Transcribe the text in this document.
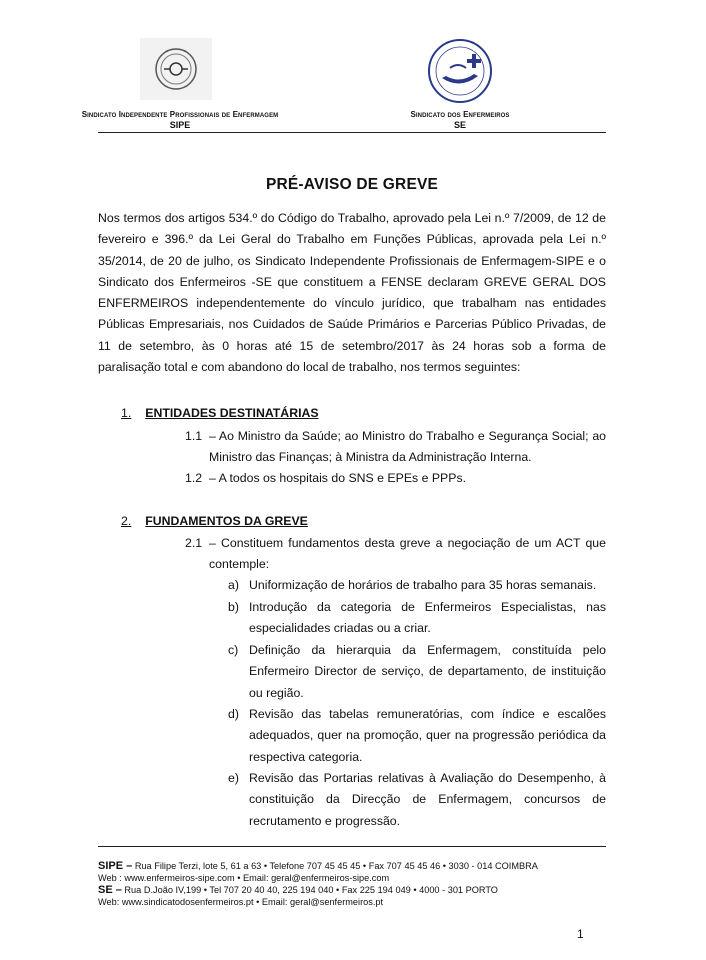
Sindicato Independente Profissionais de Enfermagem
SIPE
Sindicato dos Enfermeiros
SE
PRÉ-AVISO DE GREVE
Nos termos dos artigos 534.º do Código do Trabalho, aprovado pela Lei n.º 7/2009, de 12 de fevereiro e 396.º da Lei Geral do Trabalho em Funções Públicas, aprovada pela Lei n.º 35/2014, de 20 de julho, os Sindicato Independente Profissionais de Enfermagem-SIPE e o Sindicato dos Enfermeiros -SE que constituem a FENSE declaram GREVE GERAL DOS ENFERMEIROS independentemente do vínculo jurídico, que trabalham nas entidades Públicas Empresariais, nos Cuidados de Saúde Primários e Parcerias Público Privadas, de 11 de setembro, às 0 horas até 15 de setembro/2017 às 24 horas sob a forma de paralisação total e com abandono do local de trabalho, nos termos seguintes:
1. ENTIDADES DESTINATÁRIAS
1.1 – Ao Ministro da Saúde; ao Ministro do Trabalho e Segurança Social; ao Ministro das Finanças; à Ministra da Administração Interna.
1.2 – A todos os hospitais do SNS e EPEs e PPPs.
2. FUNDAMENTOS DA GREVE
2.1 – Constituem fundamentos desta greve a negociação de um ACT que contemple:
a) Uniformização de horários de trabalho para 35 horas semanais.
b) Introdução da categoria de Enfermeiros Especialistas, nas especialidades criadas ou a criar.
c) Definição da hierarquia da Enfermagem, constituída pelo Enfermeiro Director de serviço, de departamento, de instituição ou região.
d) Revisão das tabelas remuneratórias, com índice e escalões adequados, quer na promoção, quer na progressão periódica da respectiva categoria.
e) Revisão das Portarias relativas à Avaliação do Desempenho, à constituição da Direcção de Enfermagem, concursos de recrutamento e progressão.
SIPE – Rua Filipe Terzi, lote 5, 61 a 63 • Telefone 707 45 45 45 • Fax 707 45 45 46 • 3030 - 014 COIMBRA
Web : www.enfermeiros-sipe.com • Email: geral@enfermeiros-sipe.com
SE – Rua D.João IV,199 • Tel 707 20 40 40, 225 194 040 • Fax 225 194 049 • 4000 - 301 PORTO
Web: www.sindicatodosenfermeiros.pt • Email: geral@senfermeiros.pt
1
